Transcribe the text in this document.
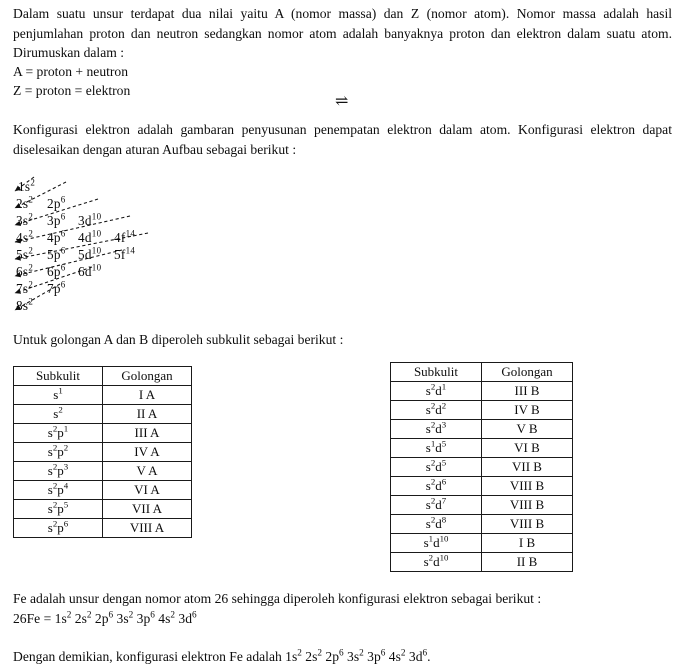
Dalam suatu unsur terdapat dua nilai yaitu A (nomor massa) dan Z (nomor atom). Nomor massa adalah hasil penjumlahan proton dan neutron sedangkan nomor atom adalah banyaknya proton dan elektron dalam suatu atom. Dirumuskan dalam :
A = proton + neutron
Z = proton = elektron
⇌
Konfigurasi elektron adalah gambaran penyusunan penempatan elektron dalam atom. Konfigurasi elektron dapat diselesaikan dengan aturan Aufbau sebagai berikut :
$1s^2$
$2s^2$ $2p^6$
$3s^2$ $3p^6$ $3d^{10}$
$4s^2$ $4p^6$ $4d^{10}$ $4f^{14}$
$5s^2$ $5p^6$ $5d^{10}$ $5f^{14}$
$6s^2$ $6p^6$ $6d^{10}$
$7s^2$ $7p^6$
$8s^2$
Untuk golongan A dan B diperoleh subkulit sebagai berikut :
Subkulit	Golongan
$s^1$	I A
$s^2$	II A
$s^2p^1$	III A
$s^2p^2$	IV A
$s^2p^3$	V A
$s^2p^4$	VI A
$s^2p^5$	VII A
$s^2p^6$	VIII A
Subkulit	Golongan
$s^2d^1$	III B
$s^2d^2$	IV B
$s^2d^3$	V B
$s^1d^5$	VI B
$s^2d^5$	VII B
$s^2d^6$	VIII B
$s^2d^7$	VIII B
$s^2d^8$	VIII B
$s^1d^{10}$	I B
$s^2d^{10}$	II B
Fe adalah unsur dengan nomor atom 26 sehingga diperoleh konfigurasi elektron sebagai berikut :
$26Fe = 1s^2$ $2s^2$ $2p^6$ $3s^2$ $3p^6$ $4s^2$ $3d^6$
Dengan demikian, konfigurasi elektron Fe adalah $1s^2$ $2s^2$ $2p^6$ $3s^2$ $3p^6$ $4s^2$ $3d^6$.
